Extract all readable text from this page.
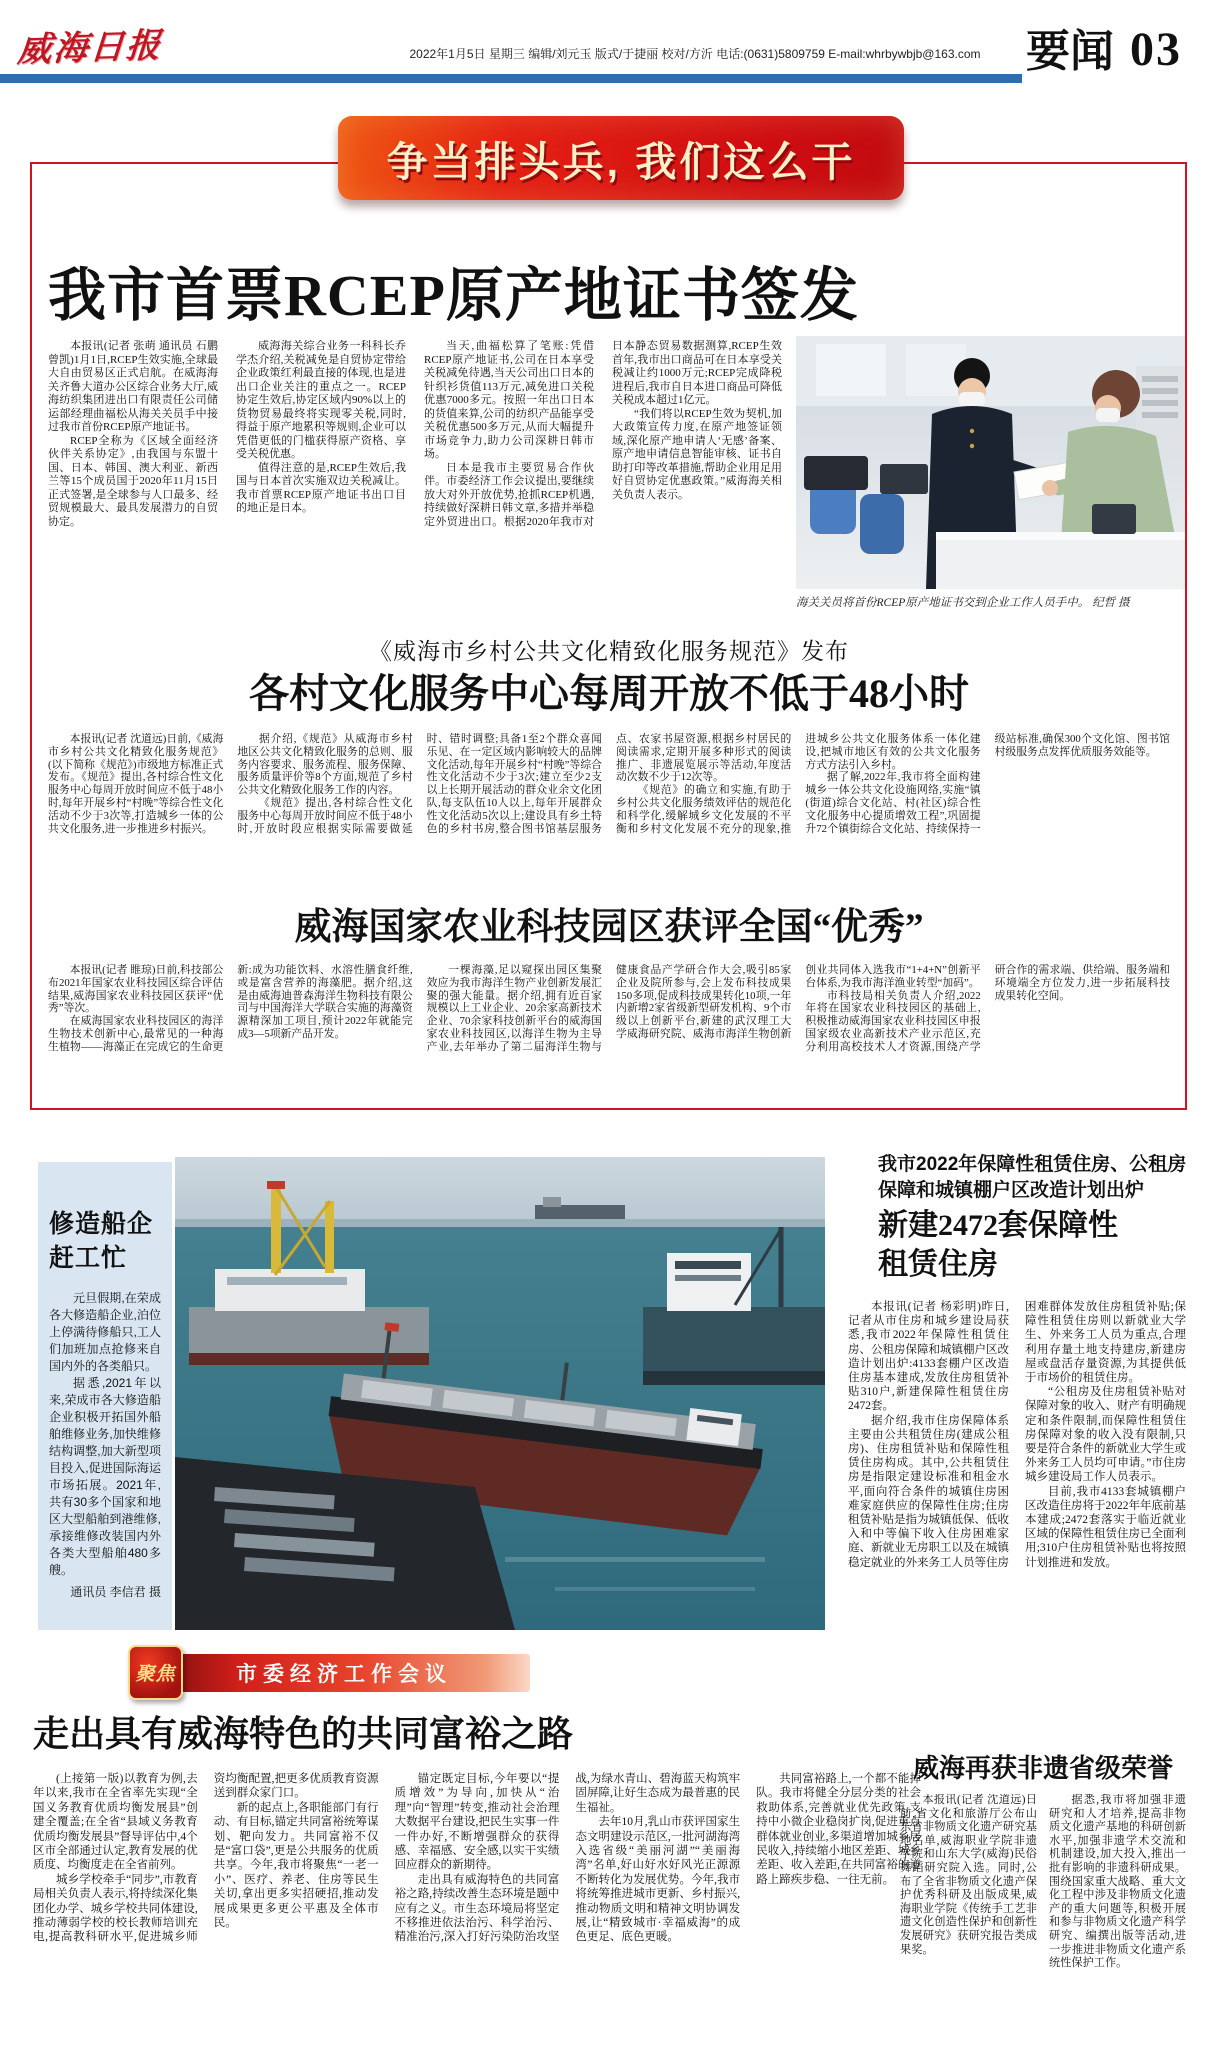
威海日报	2022年1月5日 星期三 编辑/刘元玉 版式/于捷丽 校对/方沂 电话:(0631)5809759 E-mail:whrbywbjb@163.com	要闻 03
争当排头兵, 我们这么干
我市首票RCEP原产地证书签发

本报讯(记者 张萌 通讯员 石鹏 曾凯)1月1日,RCEP生效实施,全球最大自由贸易区正式启航。在威海海关齐鲁大道办公区综合业务大厅,威海纺织集团进出口有限责任公司储运部经理曲福松从海关关员手中接过我市首份RCEP原产地证书。

RCEP全称为《区域全面经济伙伴关系协定》,由我国与东盟十国、日本、韩国、澳大利亚、新西兰等15个成员国于2020年11月15日正式签署,是全球参与人口最多、经贸规模最大、最具发展潜力的自贸协定。

威海海关综合业务一科科长乔学杰介绍,关税减免是自贸协定带给企业政策红利最直接的体现,也是进出口企业关注的重点之一。RCEP协定生效后,协定区域内90%以上的货物贸易最终将实现零关税,同时,得益于原产地累积等规则,企业可以凭借更低的门槛获得原产资格、享受关税优惠。

值得注意的是,RCEP生效后,我国与日本首次实施双边关税减让。我市首票RCEP原产地证书出口目的地正是日本。

当天,曲福松算了笔账:凭借RCEP原产地证书,公司在日本享受关税减免待遇,当天公司出口日本的针织衫货值113万元,减免进口关税优惠7000多元。按照一年出口日本的货值来算,公司的纺织产品能享受关税优惠500多万元,从而大幅提升市场竞争力,助力公司深耕日韩市场。

日本是我市主要贸易合作伙伴。市委经济工作会议提出,要继续放大对外开放优势,抢抓RCEP机遇,持续做好深耕日韩文章,多措并举稳定外贸进出口。根据2020年我市对日本静态贸易数据测算,RCEP生效首年,我市出口商品可在日本享受关税减让约1000万元;RCEP完成降税进程后,我市自日本进口商品可降低关税成本超过1亿元。

“我们将以RCEP生效为契机,加大政策宣传力度,在原产地签证领域,深化原产地申请人‘无感’备案、原产地申请信息智能审核、证书自助打印等改革措施,帮助企业用足用好自贸协定优惠政策。”威海海关相关负责人表示。

海关关员将首份RCEP原产地证书交到企业工作人员手中。 纪哲 摄
《威海市乡村公共文化精致化服务规范》发布
各村文化服务中心每周开放不低于48小时

本报讯(记者 沈道远)日前,《威海市乡村公共文化精致化服务规范》(以下简称《规范》)市级地方标准正式发布。《规范》提出,各村综合性文化服务中心每周开放时间应不低于48小时,每年开展乡村“村晚”等综合性文化活动不少于3次等,打造城乡一体的公共文化服务,进一步推进乡村振兴。

据介绍,《规范》从威海市乡村地区公共文化精致化服务的总则、服务内容要求、服务流程、服务保障、服务质量评价等8个方面,规范了乡村公共文化精致化服务工作的内容。

《规范》提出,各村综合性文化服务中心每周开放时间应不低于48小时,开放时段应根据实际需要做延时、错时调整;具备1至2个群众喜闻乐见、在一定区域内影响较大的品牌文化活动,每年开展乡村“村晚”等综合性文化活动不少于3次;建立至少2支以上长期开展活动的群众业余文化团队,每支队伍10人以上,每年开展群众性文化活动5次以上;建设具有乡土特色的乡村书房,整合图书馆基层服务点、农家书屋资源,根据乡村居民的阅读需求,定期开展多种形式的阅读推广、非遗展览展示等活动,年度活动次数不少于12次等。

《规范》的确立和实施,有助于乡村公共文化服务绩效评估的规范化和科学化,缓解城乡文化发展的不平衡和乡村文化发展不充分的现象,推进城乡公共文化服务体系一体化建设,把城市地区有效的公共文化服务方式方法引入乡村。

据了解,2022年,我市将全面构建城乡一体公共文化设施网络,实施“镇(街道)综合文化站、村(社区)综合性文化服务中心提质增效工程”,巩固提升72个镇街综合文化站、持续保持一级站标准,确保300个文化馆、图书馆村级服务点发挥优质服务效能等。

威海国家农业科技园区获评全国“优秀”

本报讯(记者 睢琼)日前,科技部公布2021年国家农业科技园区综合评估结果,威海国家农业科技园区获评“优秀”等次。

在威海国家农业科技园区的海洋生物技术创新中心,最常见的一种海生植物——海藻正在完成它的生命更新:成为功能饮料、水溶性膳食纤维,或是富含营养的海藻肥。据介绍,这是由威海迪普森海洋生物科技有限公司与中国海洋大学联合实施的海藻资源精深加工项目,预计2022年就能完成3—5项新产品开发。

一棵海藻,足以窥探出园区集聚效应为我市海洋生物产业创新发展汇聚的强大能量。据介绍,拥有近百家规模以上工业企业、20余家高新技术企业、70余家科技创新平台的威海国家农业科技园区,以海洋生物为主导产业,去年举办了第二届海洋生物与健康食品产学研合作大会,吸引85家企业及院所参与,会上发布科技成果150多项,促成科技成果转化10项,一年内新增2家省级新型研发机构、9个市级以上创新平台,新建的武汉理工大学威海研究院、威海市海洋生物创新创业共同体入选我市“1+4+N”创新平台体系,为我市海洋渔业转型“加码”。

市科技局相关负责人介绍,2022年将在国家农业科技园区的基础上,积极推动威海国家农业科技园区申报国家级农业高新技术产业示范区,充分利用高校技术人才资源,围绕产学研合作的需求端、供给端、服务端和环境端全方位发力,进一步拓展科技成果转化空间。

修造船企
赶工忙

元旦假期,在荣成各大修造船企业,泊位上停满待修船只,工人们加班加点抢修来自国内外的各类船只。

据悉,2021年以来,荣成市各大修造船企业积极开拓国外船舶维修业务,加快维修结构调整,加大新型项目投入,促进国际海运市场拓展。2021年,共有30多个国家和地区大型船舶到港维修,承接维修改装国内外各类大型船舶480多艘。

通讯员 李信君 摄
市委经济工作会议
聚焦
走出具有威海特色的共同富裕之路

(上接第一版)以教育为例,去年以来,我市在全省率先实现“全国义务教育优质均衡发展县”创建全覆盖;在全省“县域义务教育优质均衡发展县”督导评估中,4个区市全部通过认定,教育发展的优质度、均衡度走在全省前列。

城乡学校牵手“同步”,市教育局相关负责人表示,将持续深化集团化办学、城乡学校共同体建设,推动薄弱学校的校长教师培训充电,提高教科研水平,促进城乡师资均衡配置,把更多优质教育资源送到群众家门口。

新的起点上,各职能部门有行动、有目标,锚定共同富裕统筹谋划、靶向发力。共同富裕不仅是“富口袋”,更是公共服务的优质共享。今年,我市将聚焦“一老一小”、医疗、养老、住房等民生关切,拿出更多实招硬招,推动发展成果更多更公平惠及全体市民。

锚定既定目标,今年要以“提质增效”为导向,加快从“治理”向“智理”转变,推动社会治理大数据平台建设,把民生实事一件一件办好,不断增强群众的获得感、幸福感、安全感,以实干实绩回应群众的新期待。

走出具有威海特色的共同富裕之路,持续改善生态环境是题中应有之义。市生态环境局将坚定不移推进依法治污、科学治污、精准治污,深入打好污染防治攻坚战,为绿水青山、碧海蓝天构筑牢固屏障,让好生态成为最普惠的民生福祉。

去年10月,乳山市获评国家生态文明建设示范区,一批河湖海湾入选省级“美丽河湖”“美丽海湾”名单,好山好水好风光正源源不断转化为发展优势。今年,我市将统筹推进城市更新、乡村振兴,推动物质文明和精神文明协调发展,让“精致城市·幸福威海”的成色更足、底色更暖。

共同富裕路上,一个都不能掉队。我市将健全分层分类的社会救助体系,完善就业优先政策,支持中小微企业稳岗扩岗,促进重点群体就业创业,多渠道增加城乡居民收入,持续缩小地区差距、城乡差距、收入差距,在共同富裕的道路上蹄疾步稳、一往无前。

我市2022年保障性租赁住房、公租房
保障和城镇棚户区改造计划出炉
新建2472套保障性
租赁住房

本报讯(记者 杨彩明)昨日,记者从市住房和城乡建设局获悉,我市2022年保障性租赁住房、公租房保障和城镇棚户区改造计划出炉:4133套棚户区改造住房基本建成,发放住房租赁补贴310户,新建保障性租赁住房2472套。

据介绍,我市住房保障体系主要由公共租赁住房(建成公租房)、住房租赁补贴和保障性租赁住房构成。其中,公共租赁住房是指限定建设标准和租金水平,面向符合条件的城镇住房困难家庭供应的保障性住房;住房租赁补贴是指为城镇低保、低收入和中等偏下收入住房困难家庭、新就业无房职工以及在城镇稳定就业的外来务工人员等住房困难群体发放住房租赁补贴;保障性租赁住房则以新就业大学生、外来务工人员为重点,合理利用存量土地支持建房,新建房屋或盘活存量资源,为其提供低于市场价的租赁住房。

“公租房及住房租赁补贴对保障对象的收入、财产有明确规定和条件限制,而保障性租赁住房保障对象的收入没有限制,只要是符合条件的新就业大学生或外来务工人员均可申请。”市住房城乡建设局工作人员表示。

目前,我市4133套城镇棚户区改造住房将于2022年年底前基本建成;2472套落实于临近就业区域的保障性租赁住房已全面利用;310户住房租赁补贴也将按照计划推进和发放。

威海再获非遗省级荣誉

本报讯(记者 沈道远)日前,省文化和旅游厅公布山东省非物质文化遗产研究基地名单,威海职业学院非遗学院和山东大学(威海)民俗舞蹈研究院入选。同时,公布了全省非物质文化遗产保护优秀科研及出版成果,威海职业学院《传统手工艺非遗文化创造性保护和创新性发展研究》获研究报告类成果奖。

据悉,我市将加强非遗研究和人才培养,提高非物质文化遗产基地的科研创新水平,加强非遗学术交流和机制建设,加大投入,推出一批有影响的非遗科研成果。围绕国家重大战略、重大文化工程中涉及非物质文化遗产的重大问题等,积极开展和参与非物质文化遗产科学研究、编撰出版等活动,进一步推进非物质文化遗产系统性保护工作。
